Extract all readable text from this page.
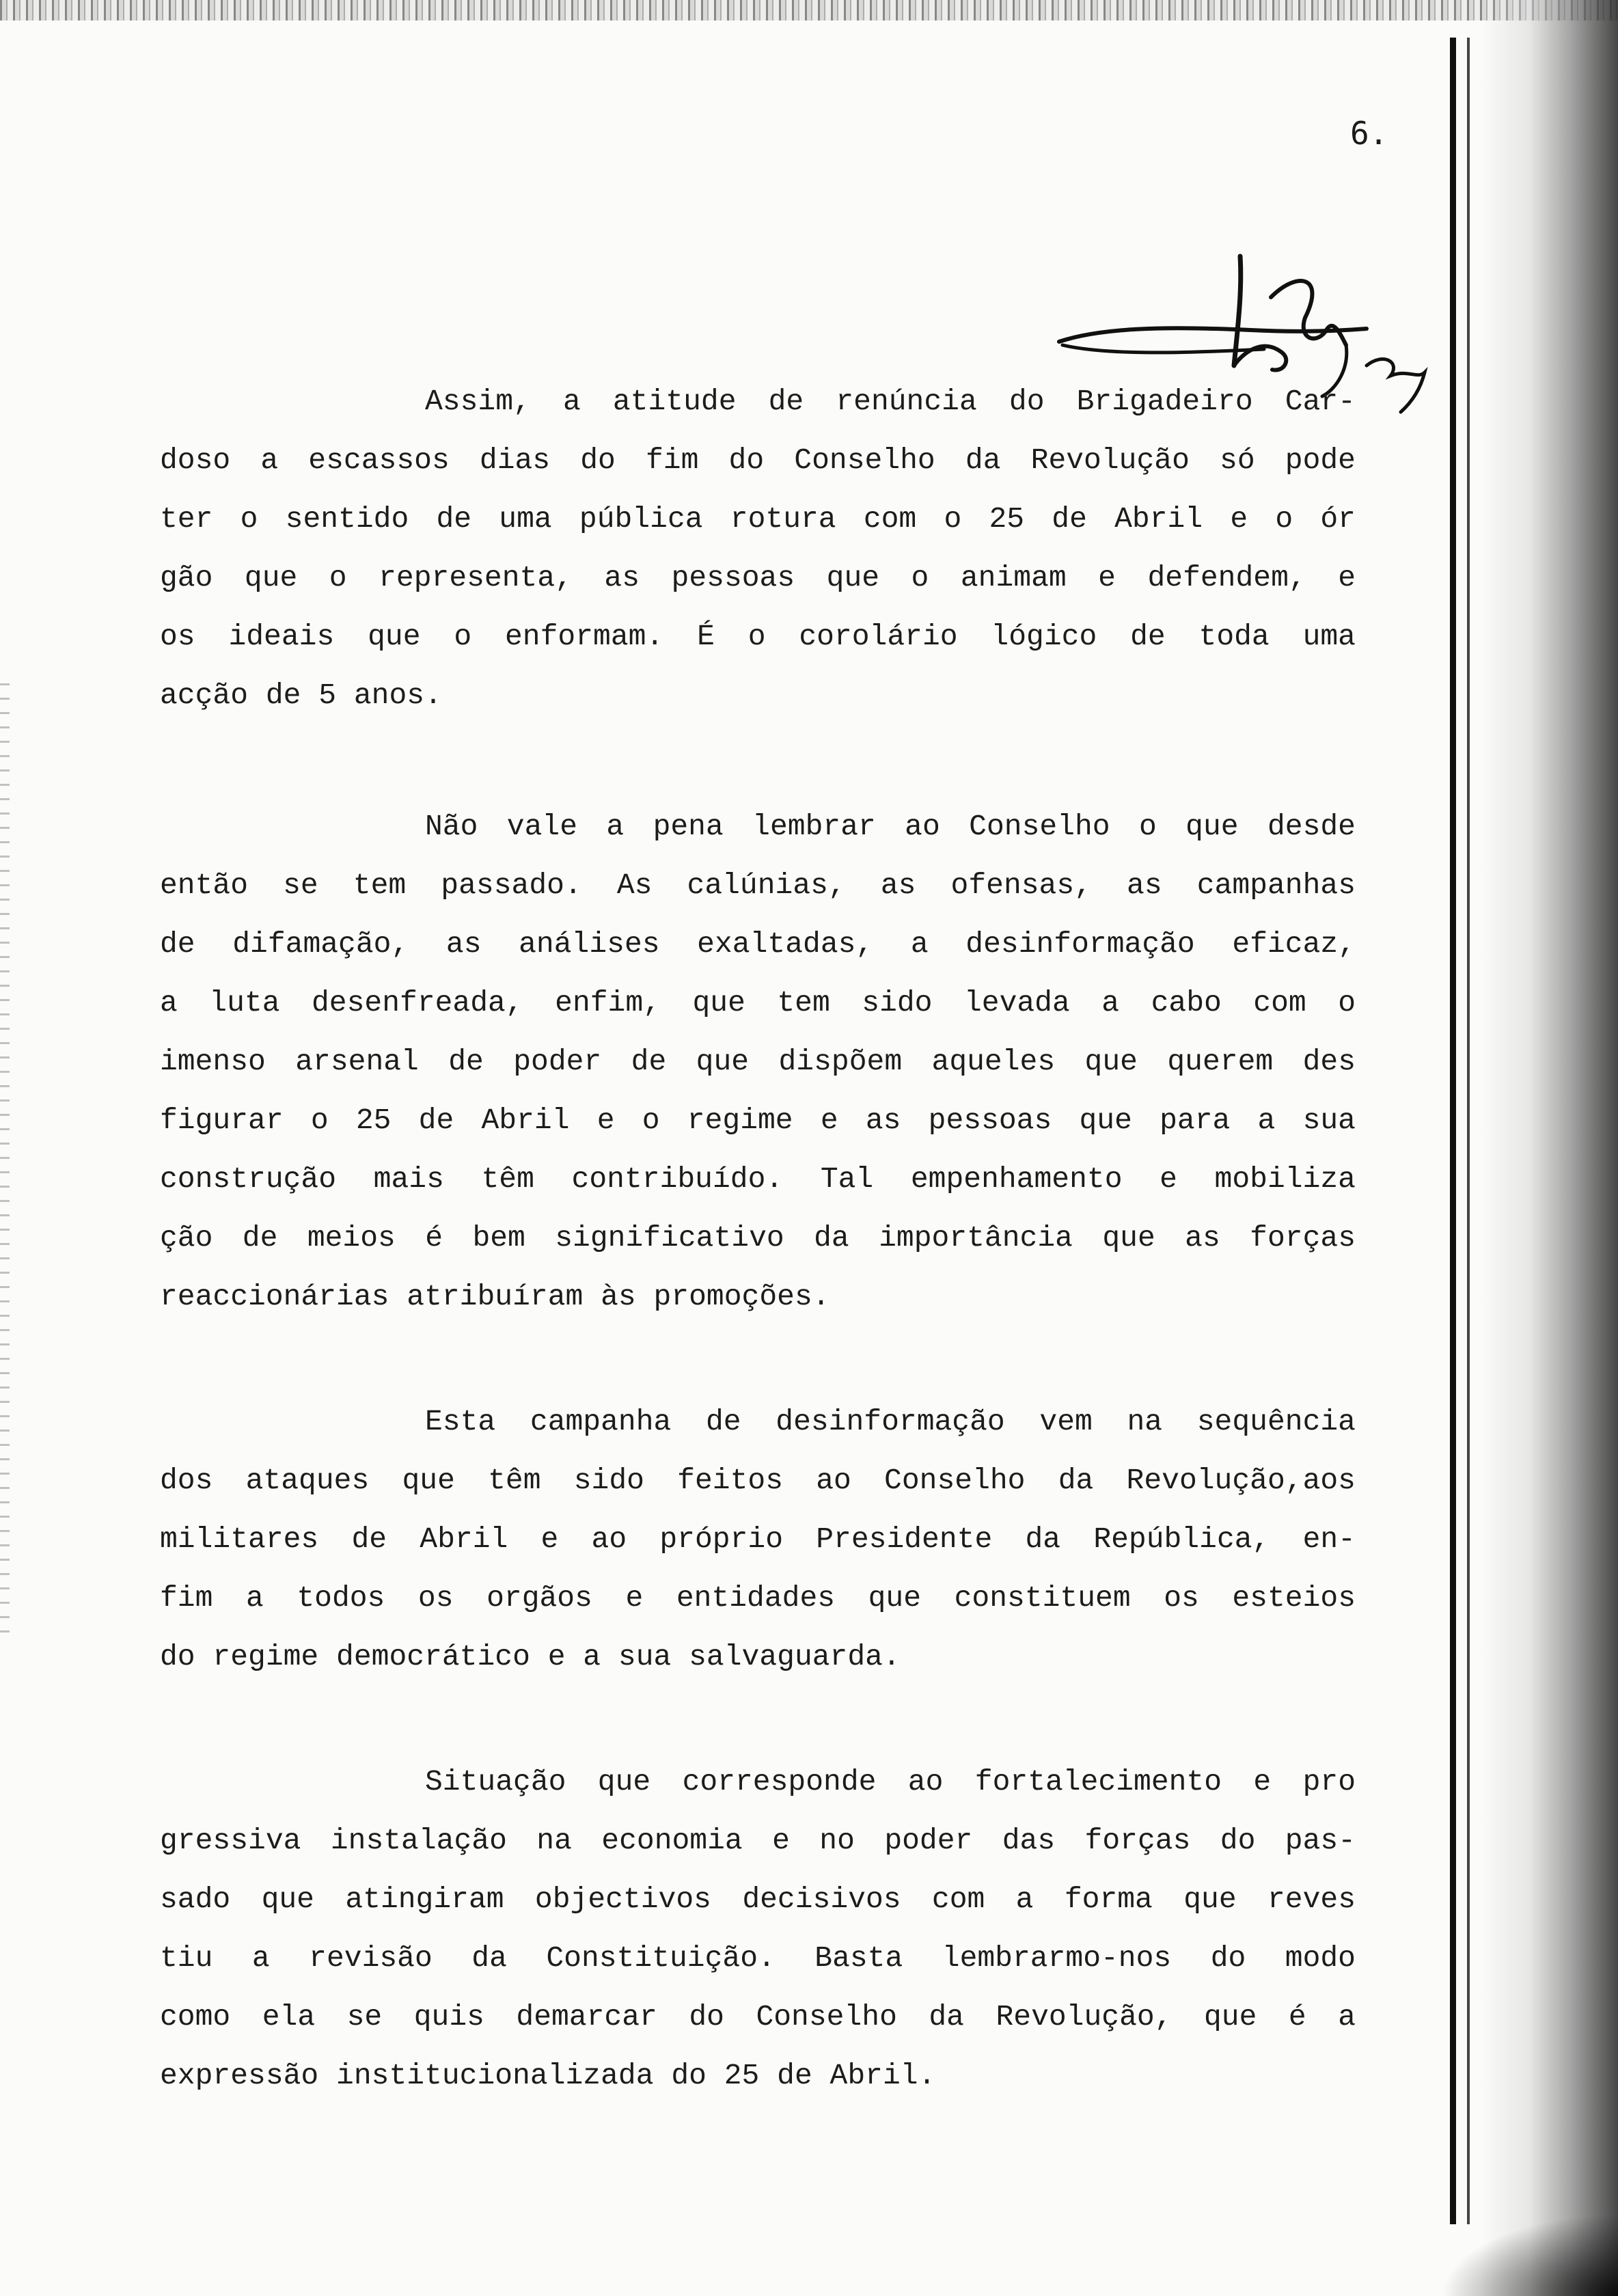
6.
Assim, a atitude de renúncia do Brigadeiro Car-
doso a escassos dias do fim do Conselho da Revolução só pode
ter o sentido de uma pública rotura com o 25 de Abril e o ór
gão que o representa, as pessoas que o animam e defendem, e
os ideais que o enformam. É o corolário lógico de toda uma
acção de 5 anos.
Não vale a pena lembrar ao Conselho o que desde
então se tem passado. As calúnias, as ofensas, as campanhas
de difamação, as análises exaltadas, a desinformação eficaz,
a luta desenfreada, enfim, que tem sido levada a cabo com o
imenso arsenal de poder de que dispõem aqueles que querem des
figurar o 25 de Abril e o regime e as pessoas que para a sua
construção mais têm contribuído. Tal empenhamento e mobiliza
ção de meios é bem significativo da importância que as forças
reaccionárias atribuíram às promoções.
Esta campanha de desinformação vem na sequência
dos ataques que têm sido feitos ao Conselho da Revolução,aos
militares de Abril e ao próprio Presidente da República, en-
fim a todos os orgãos e entidades que constituem os esteios
do regime democrático e a sua salvaguarda.
Situação que corresponde ao fortalecimento e pro
gressiva instalação na economia e no poder das forças do pas-
sado que atingiram objectivos decisivos com a forma que reves
tiu a revisão da Constituição. Basta lembrarmo-nos do modo
como ela se quis demarcar do Conselho da Revolução, que é a
expressão institucionalizada do 25 de Abril.
